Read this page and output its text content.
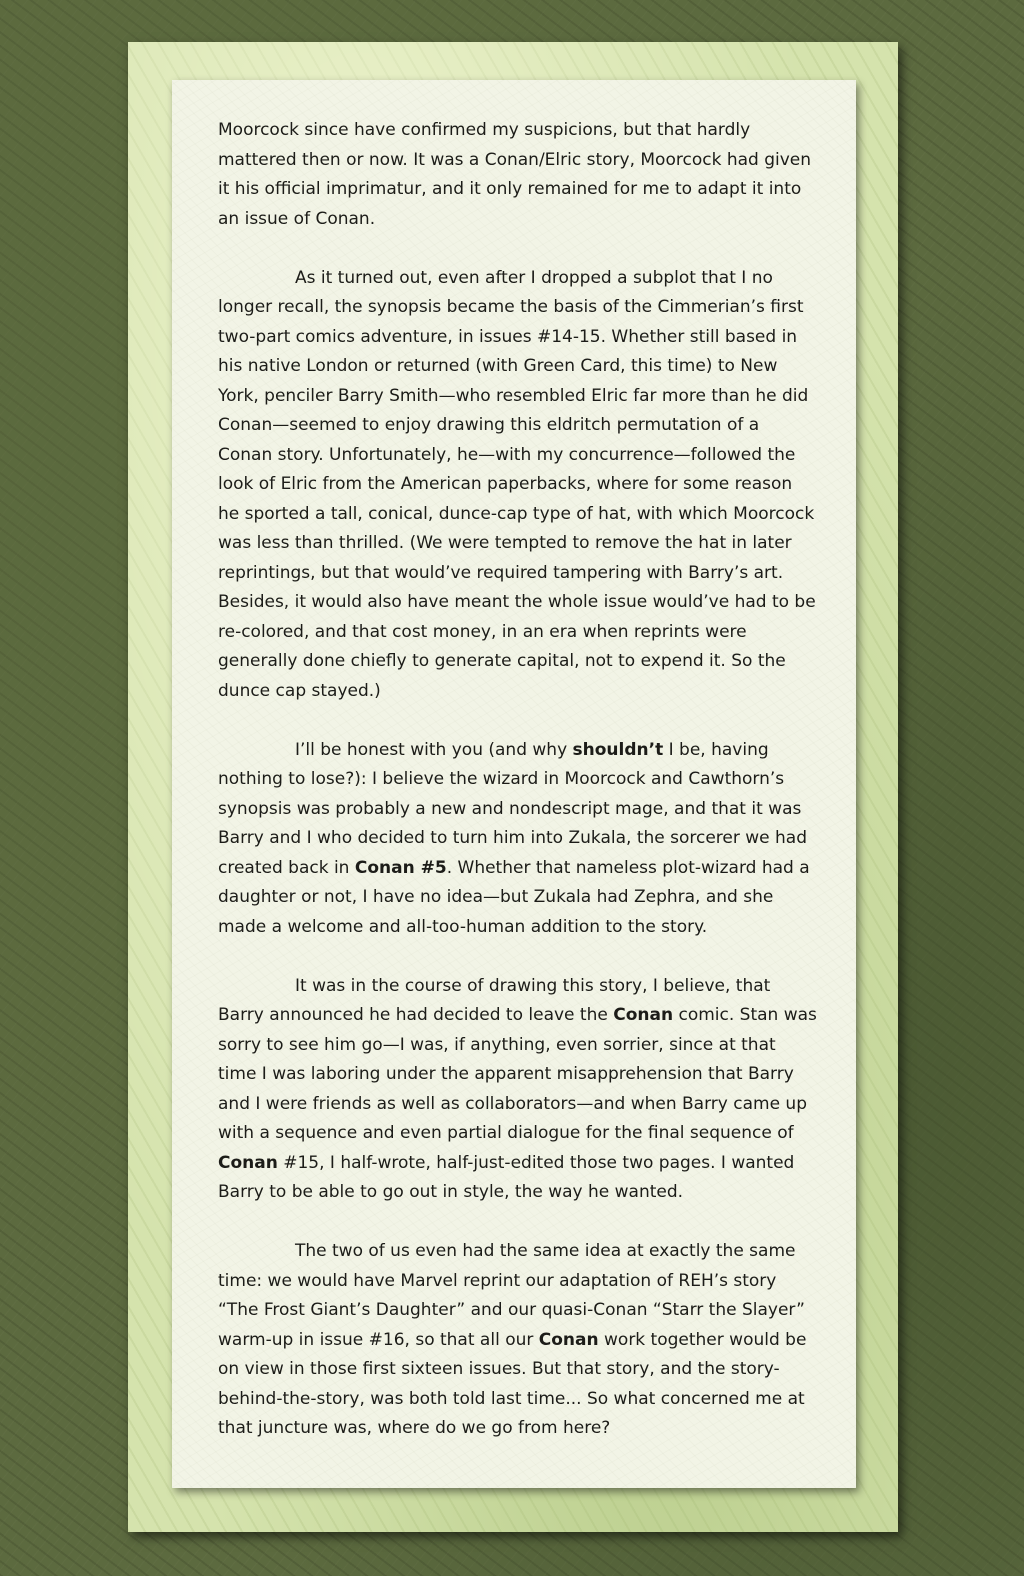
Moorcock since have confirmed my suspicions, but that hardly mattered then or now. It was a Conan/Elric story, Moorcock had given it his official imprimatur, and it only remained for me to adapt it into an issue of Conan.

As it turned out, even after I dropped a subplot that I no longer recall, the synopsis became the basis of the Cimmerian’s first two-part comics adventure, in issues #14-15. Whether still based in his native London or returned (with Green Card, this time) to New York, penciler Barry Smith—who resembled Elric far more than he did Conan—seemed to enjoy drawing this eldritch permutation of a Conan story. Unfortunately, he—with my concurrence—followed the look of Elric from the American paperbacks, where for some reason he sported a tall, conical, dunce-cap type of hat, with which Moorcock was less than thrilled. (We were tempted to remove the hat in later reprintings, but that would’ve required tampering with Barry’s art. Besides, it would also have meant the whole issue would’ve had to be re-colored, and that cost money, in an era when reprints were generally done chiefly to generate capital, not to expend it. So the dunce cap stayed.)

I’ll be honest with you (and why shouldn’t I be, having nothing to lose?): I believe the wizard in Moorcock and Cawthorn’s synopsis was probably a new and nondescript mage, and that it was Barry and I who decided to turn him into Zukala, the sorcerer we had created back in Conan #5. Whether that nameless plot-wizard had a daughter or not, I have no idea—but Zukala had Zephra, and she made a welcome and all-too-human addition to the story.

It was in the course of drawing this story, I believe, that Barry announced he had decided to leave the Conan comic. Stan was sorry to see him go—I was, if anything, even sorrier, since at that time I was laboring under the apparent misapprehension that Barry and I were friends as well as collaborators—and when Barry came up with a sequence and even partial dialogue for the final sequence of Conan #15, I half-wrote, half-just-edited those two pages. I wanted Barry to be able to go out in style, the way he wanted.

The two of us even had the same idea at exactly the same time: we would have Marvel reprint our adaptation of REH’s story “The Frost Giant’s Daughter” and our quasi-Conan “Starr the Slayer” warm-up in issue #16, so that all our Conan work together would be on view in those first sixteen issues. But that story, and the story-behind-the-story, was both told last time... So what concerned me at that juncture was, where do we go from here?
